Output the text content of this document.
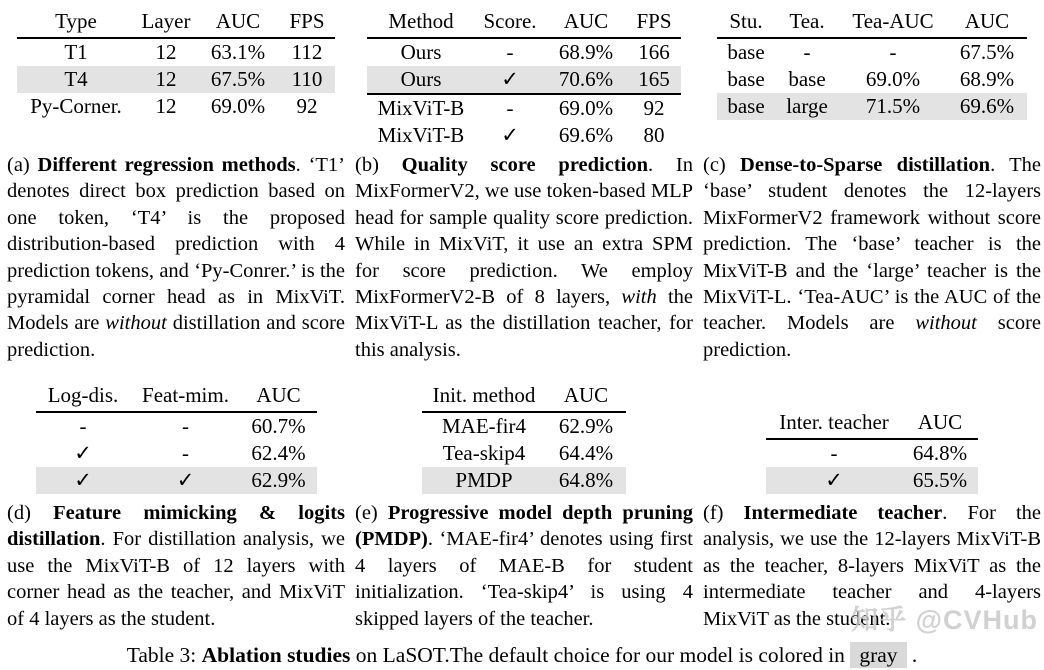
Type	Layer	AUC	FPS
T1	12	63.1%	112
T4	12	67.5%	110
Py-Corner.	12	69.0%	92
Method	Score.	AUC	FPS
Ours	-	68.9%	166
Ours	✓	70.6%	165
MixViT-B	-	69.0%	92
MixViT-B	✓	69.6%	80
Stu.	Tea.	Tea-AUC	AUC
base	-	-	67.5%
base	base	69.0%	68.9%
base	large	71.5%	69.6%
(a) Different regression methods. ‘T1’ denotes direct box prediction based on one token, ‘T4’ is the proposed distribution-based prediction with 4 prediction tokens, and ‘Py-Conrer.’ is the pyramidal corner head as in MixViT. Models are without distillation and score prediction.
(b) Quality score prediction. In MixFormerV2, we use token-based MLP head for sample quality score prediction. While in MixViT, it use an extra SPM for score prediction. We employ MixFormerV2-B of 8 layers, with the MixViT-L as the distillation teacher, for this analysis.
(c) Dense-to-Sparse distillation. The ‘base’ student denotes the 12-layers MixFormerV2 framework without score prediction. The ‘base’ teacher is the MixViT-B and the ‘large’ teacher is the MixViT-L. ‘Tea-AUC’ is the AUC of the teacher. Models are without score prediction.
Log-dis.	Feat-mim.	AUC
-	-	60.7%
✓	-	62.4%
✓	✓	62.9%
Init. method	AUC
MAE-fir4	62.9%
Tea-skip4	64.4%
PMDP	64.8%
Inter. teacher	AUC
-	64.8%
✓	65.5%
(d) Feature mimicking & logits distillation. For distillation analysis, we use the MixViT-B of 12 layers with corner head as the teacher, and MixViT of 4 layers as the student.
(e) Progressive model depth pruning (PMDP). ‘MAE-fir4’ denotes using first 4 layers of MAE-B for student initialization. ‘Tea-skip4’ is using 4 skipped layers of the teacher.
(f) Intermediate teacher. For the analysis, we use the 12-layers MixViT-B as the teacher, 8-layers MixViT as the intermediate teacher and 4-layers MixViT as the student.
Table 3: Ablation studies on LaSOT.The default choice for our model is colored in gray .
知乎 @CVHub
